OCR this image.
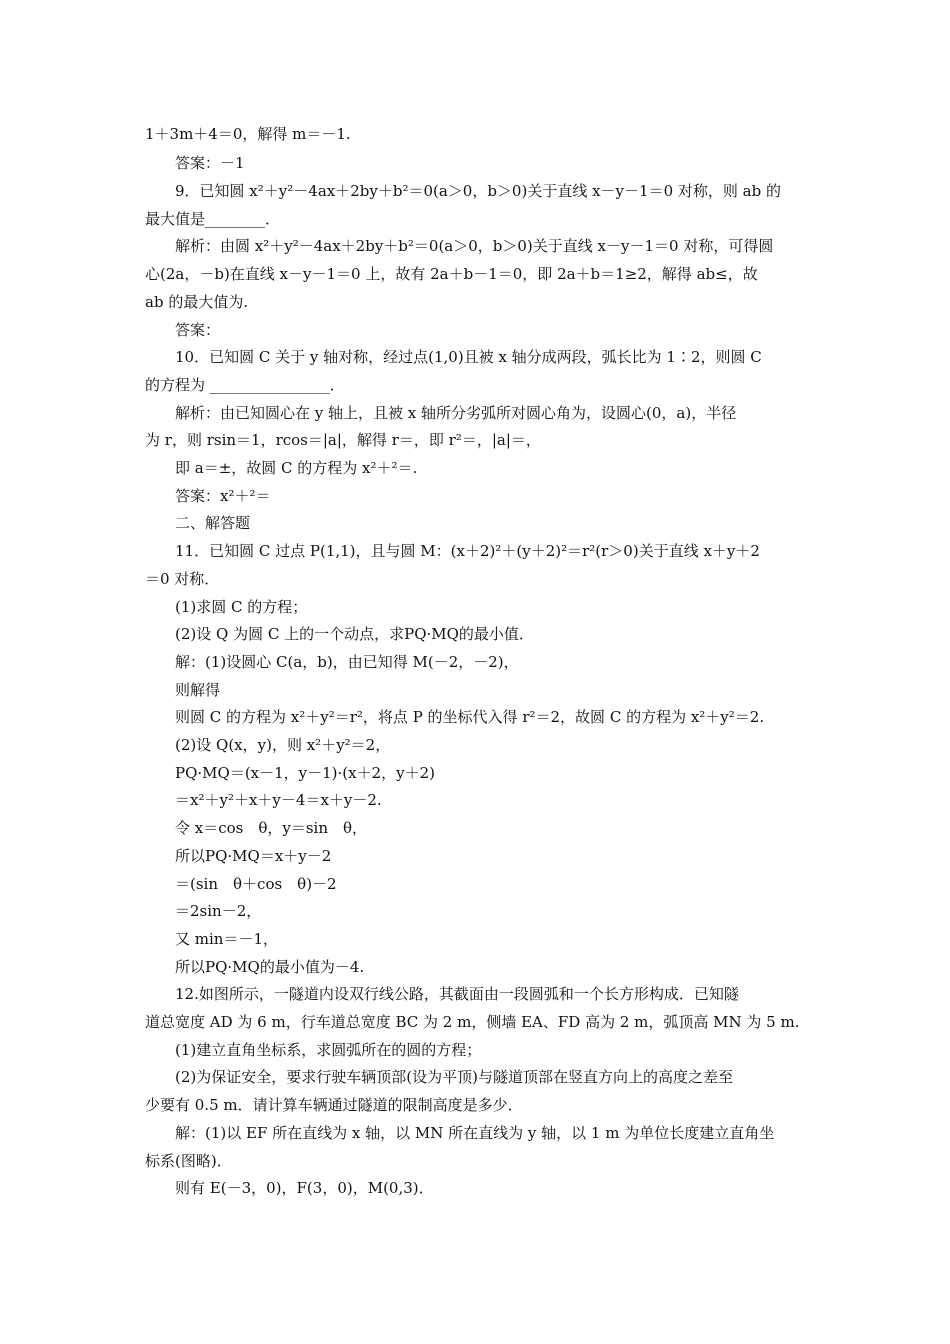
1＋3m＋4＝0，解得 m＝－1.
答案：－1
9．已知圆 x²＋y²－4ax＋2by＋b²＝0(a＞0，b＞0)关于直线 x－y－1＝0 对称，则 ab 的
最大值是________．
解析：由圆 x²＋y²－4ax＋2by＋b²＝0(a＞0，b＞0)关于直线 x－y－1＝0 对称，可得圆
心(2a，－b)在直线 x－y－1＝0 上，故有 2a＋b－1＝0，即 2a＋b＝1≥2，解得 ab≤，故
ab 的最大值为.
答案：
10．已知圆 C 关于 y 轴对称，经过点(1,0)且被 x 轴分成两段，弧长比为 1∶2，则圆 C
的方程为 ________________．
解析：由已知圆心在 y 轴上，且被 x 轴所分劣弧所对圆心角为，设圆心(0，a)，半径
为 r，则 rsin＝1，rcos＝|a|，解得 r＝，即 r²＝，|a|＝，
即 a＝±，故圆 C 的方程为 x²＋²＝.
答案：x²＋²＝
二、解答题
11．已知圆 C 过点 P(1,1)，且与圆 M：(x＋2)²＋(y＋2)²＝r²(r＞0)关于直线 x＋y＋2
＝0 对称．
(1)求圆 C 的方程；
(2)设 Q 为圆 C 上的一个动点，求PQ·MQ的最小值．
解：(1)设圆心 C(a，b)，由已知得 M(－2，－2)，
则解得
则圆 C 的方程为 x²＋y²＝r²，将点 P 的坐标代入得 r²＝2，故圆 C 的方程为 x²＋y²＝2.
(2)设 Q(x，y)，则 x²＋y²＝2，
PQ·MQ＝(x－1，y－1)·(x＋2，y＋2)
＝x²＋y²＋x＋y－4＝x＋y－2.
令 x＝cos　θ，y＝sin　θ，
所以PQ·MQ＝x＋y－2
＝(sin　θ＋cos　θ)－2
＝2sin－2，
又 min＝－1，
所以PQ·MQ的最小值为－4.
12.如图所示，一隧道内设双行线公路，其截面由一段圆弧和一个长方形构成．已知隧
道总宽度 AD 为 6 m，行车道总宽度 BC 为 2 m，侧墙 EA、FD 高为 2 m，弧顶高 MN 为 5 m.
(1)建立直角坐标系，求圆弧所在的圆的方程；
(2)为保证安全，要求行驶车辆顶部(设为平顶)与隧道顶部在竖直方向上的高度之差至
少要有 0.5 m．请计算车辆通过隧道的限制高度是多少．
解：(1)以 EF 所在直线为 x 轴，以 MN 所在直线为 y 轴，以 1 m 为单位长度建立直角坐
标系(图略)．
则有 E(－3，0)，F(3，0)，M(0,3)．
